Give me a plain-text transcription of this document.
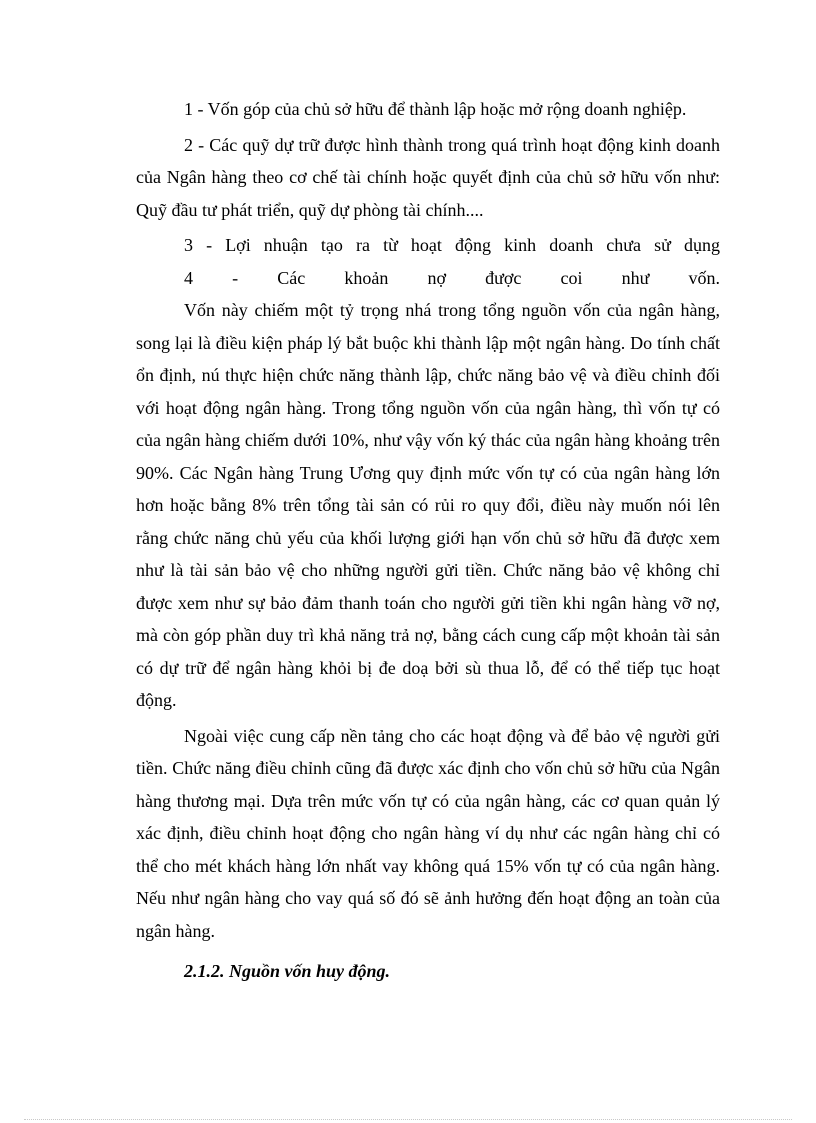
1 - Vốn góp của chủ sở hữu để thành lập hoặc mở rộng doanh nghiệp.

2 - Các quỹ dự trữ được hình thành trong quá trình hoạt động kinh doanh của Ngân hàng theo cơ chế tài chính hoặc quyết định của chủ sở hữu vốn như: Quỹ đầu tư phát triển, quỹ dự phòng tài chính....

3 - Lợi nhuận tạo ra từ hoạt động kinh doanh chưa sử dụng

4 - Các khoản nợ được coi như vốn.

Vốn này chiếm một tỷ trọng nhá trong tổng nguồn vốn của ngân hàng, song lại là điều kiện pháp lý bắt buộc khi thành lập một ngân hàng. Do tính chất ổn định, nú thực hiện chức năng thành lập, chức năng bảo vệ và điều chỉnh đối với hoạt động ngân hàng. Trong tổng nguồn vốn của ngân hàng, thì vốn tự có của ngân hàng chiếm dưới 10%, như vậy vốn ký thác của ngân hàng khoảng trên 90%. Các Ngân hàng Trung Ương quy định mức vốn tự có của ngân hàng lớn hơn hoặc bằng 8% trên tổng tài sản có rủi ro quy đổi, điều này muốn nói lên rằng chức năng chủ yếu của khối lượng giới hạn vốn chủ sở hữu đã được xem như là tài sản bảo vệ cho những người gửi tiền. Chức năng bảo vệ không chỉ được xem như sự bảo đảm thanh toán cho người gửi tiền khi ngân hàng vỡ nợ, mà còn góp phần duy trì khả năng trả nợ, bằng cách cung cấp một khoản tài sản có dự trữ để ngân hàng khỏi bị đe doạ bởi sù thua lỗ, để có thể tiếp tục hoạt động.

Ngoài việc cung cấp nền tảng cho các hoạt động và để bảo vệ người gửi tiền. Chức năng điều chỉnh cũng đã được xác định cho vốn chủ sở hữu của Ngân hàng thương mại. Dựa trên mức vốn tự có của ngân hàng, các cơ quan quản lý xác định, điều chỉnh hoạt động cho ngân hàng ví dụ như các ngân hàng chỉ có thể cho mét khách hàng lớn nhất vay không quá 15% vốn tự có của ngân hàng. Nếu như ngân hàng cho vay quá số đó sẽ ảnh hưởng đến hoạt động an toàn của ngân hàng.

2.1.2. Nguồn vốn huy động.
